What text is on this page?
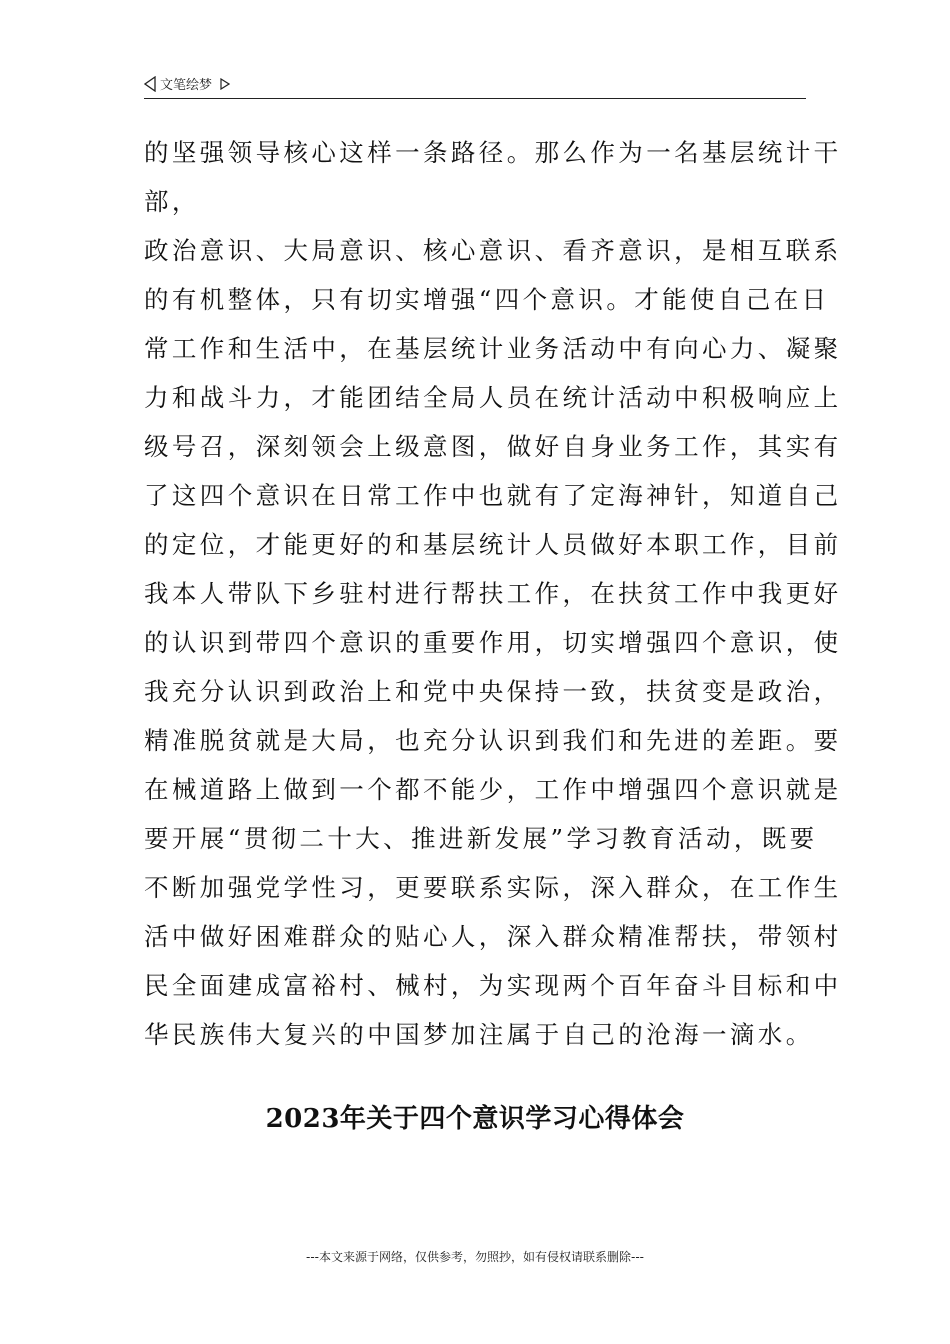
文笔绘梦

的坚强领导核心这样一条路径。那么作为一名基层统计干

部，

政治意识、大局意识、核心意识、看齐意识，是相互联系

的有机整体，只有切实增强“四个意识。才能使自己在日

常工作和生活中，在基层统计业务活动中有向心力、凝聚

力和战斗力，才能团结全局人员在统计活动中积极响应上

级号召，深刻领会上级意图，做好自身业务工作，其实有

了这四个意识在日常工作中也就有了定海神针，知道自己

的定位，才能更好的和基层统计人员做好本职工作，目前

我本人带队下乡驻村进行帮扶工作，在扶贫工作中我更好

的认识到带四个意识的重要作用，切实增强四个意识，使

我充分认识到政治上和党中央保持一致，扶贫变是政治，

精准脱贫就是大局，也充分认识到我们和先进的差距。要

在械道路上做到一个都不能少，工作中增强四个意识就是

要开展“贯彻二十大、推进新发展”学习教育活动，既要

不断加强党学性习，更要联系实际，深入群众，在工作生

活中做好困难群众的贴心人，深入群众精准帮扶，带领村

民全面建成富裕村、械村，为实现两个百年奋斗目标和中

华民族伟大复兴的中国梦加注属于自己的沧海一滴水。

2023年关于四个意识学习心得体会
---本文来源于网络，仅供参考，勿照抄，如有侵权请联系删除---
